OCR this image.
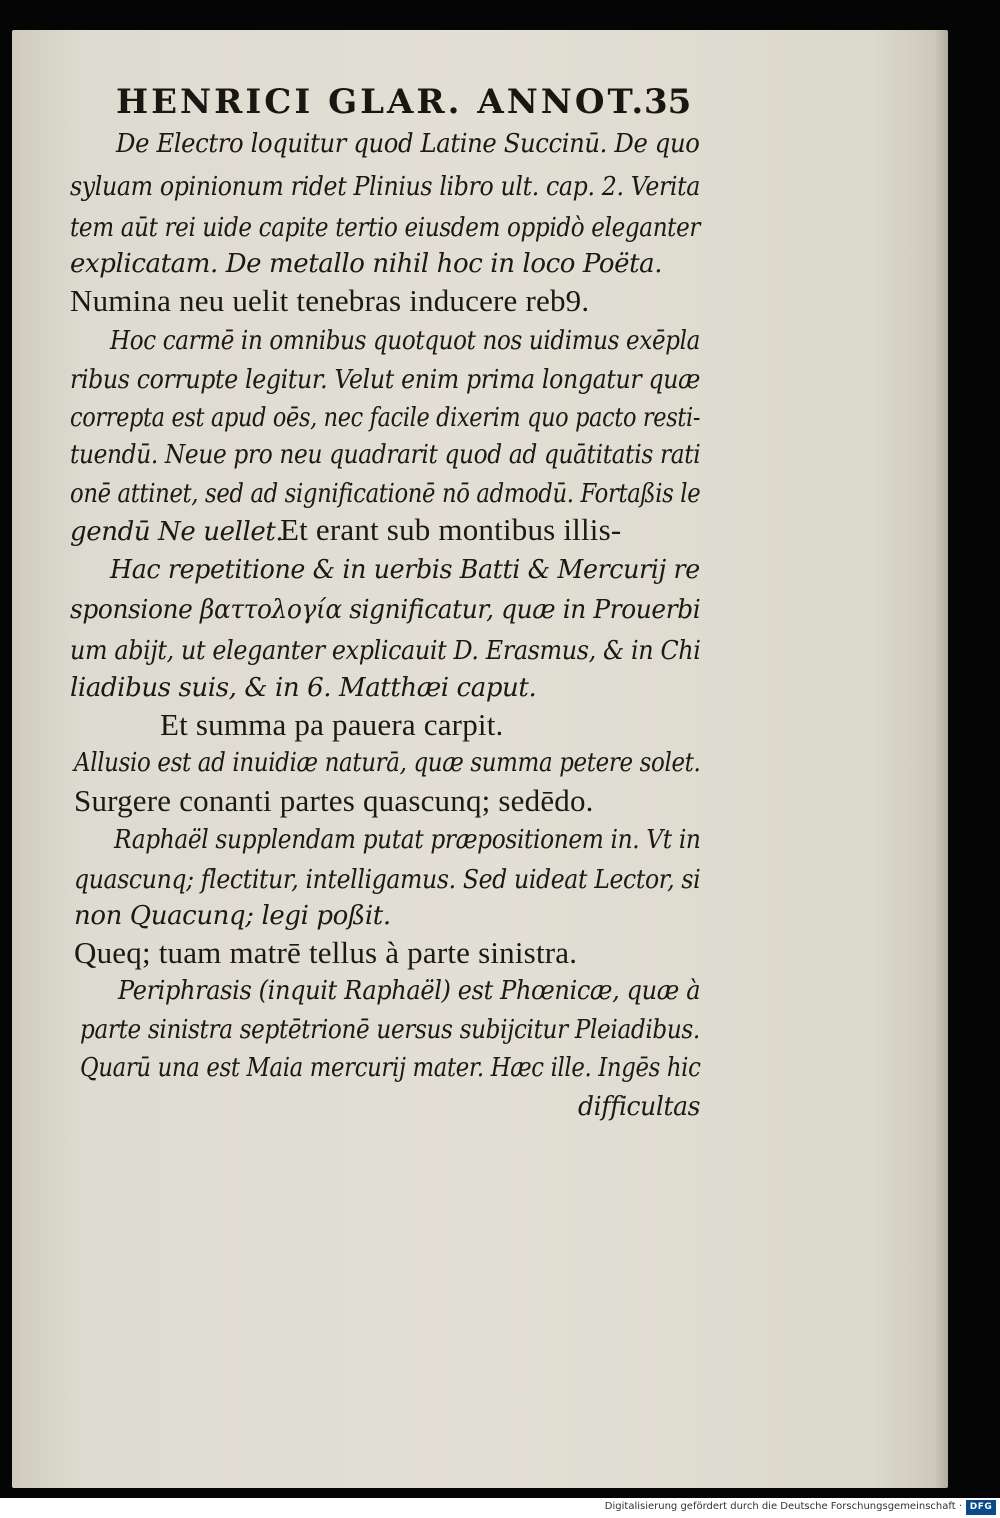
HENRICI GLAR. ANNOT.
35
De Electro loquitur quod Latine Succinū. De quo
syluam opinionum ridet Plinius libro ult. cap. 2. Verita
tem aūt rei uide capite tertio eiusdem oppidò eleganter
explicatam. De metallo nihil hoc in loco Poëta.
Numina neu uelit tenebras inducere reb9.
Hoc carmē in omnibus quotquot nos uidimus exēpla
ribus corrupte legitur. Velut enim prima longatur quæ
correpta est apud oēs, nec facile dixerim quo pacto resti-
tuendū. Neue pro neu quadrarit quod ad quātitatis rati
onē attinet, sed ad significationē nō admodū. Fortaßis le
gendū Ne uellet.
Et erant sub montibus illis-
Hac repetitione & in uerbis Batti & Mercurij re
sponsione βαττολογία significatur, quæ in Prouerbi
um abijt, ut eleganter explicauit D. Erasmus, & in Chi
liadibus suis, & in 6. Matthæi caput.
Et summa pa pauera carpit.
Allusio est ad inuidiæ naturā, quæ summa petere solet.
Surgere conanti partes quascunq; sedēdo.
Raphaël supplendam putat præpositionem in. Vt in
quascunq; flectitur, intelligamus. Sed uideat Lector, si
non Quacunq; legi poßit.
Queq; tuam matrē tellus à parte sinistra.
Periphrasis (inquit Raphaël) est Phœnicæ, quæ à
parte sinistra septētrionē uersus subijcitur Pleiadibus.
Quarū una est Maia mercurij mater. Hæc ille. Ingēs hic
difficultas
Digitalisierung gefördert durch die Deutsche Forschungsgemeinschaft · DFG
